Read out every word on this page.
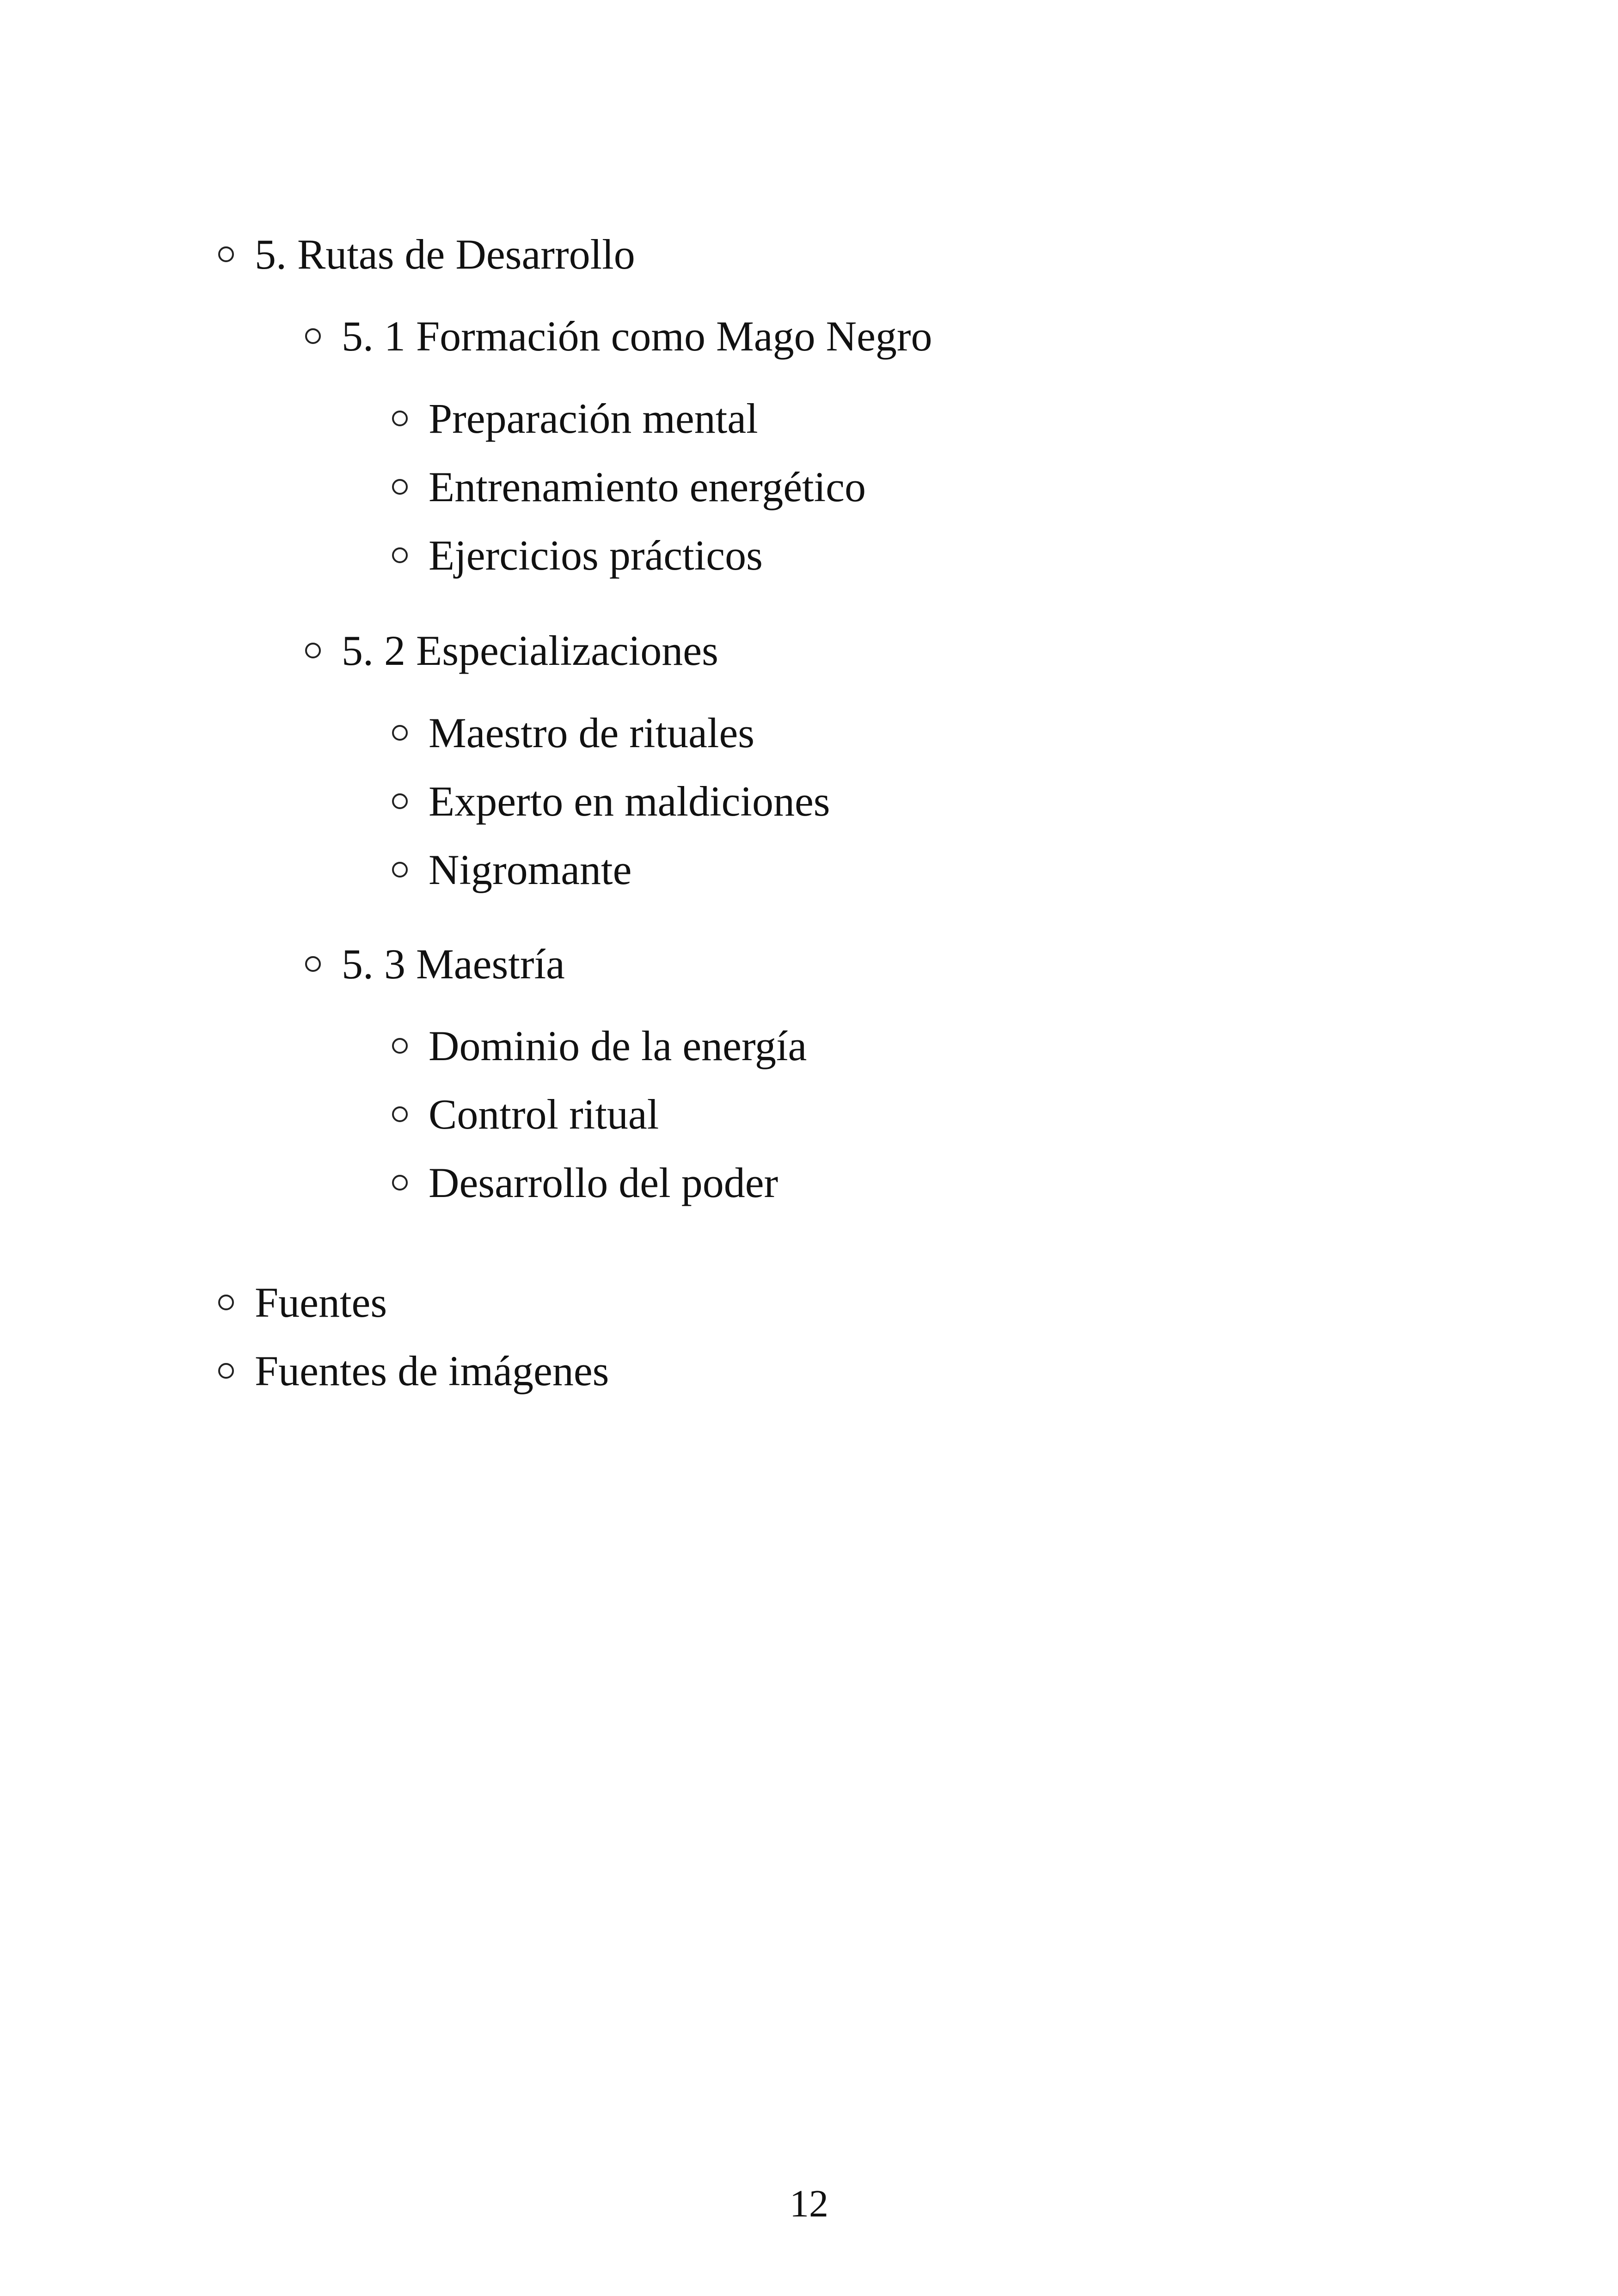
5. Rutas de Desarrollo
5. 1 Formación como Mago Negro
Preparación mental
Entrenamiento energético
Ejercicios prácticos
5. 2 Especializaciones
Maestro de rituales
Experto en maldiciones
Nigromante
5. 3 Maestría
Dominio de la energía
Control ritual
Desarrollo del poder
Fuentes
Fuentes de imágenes
12
